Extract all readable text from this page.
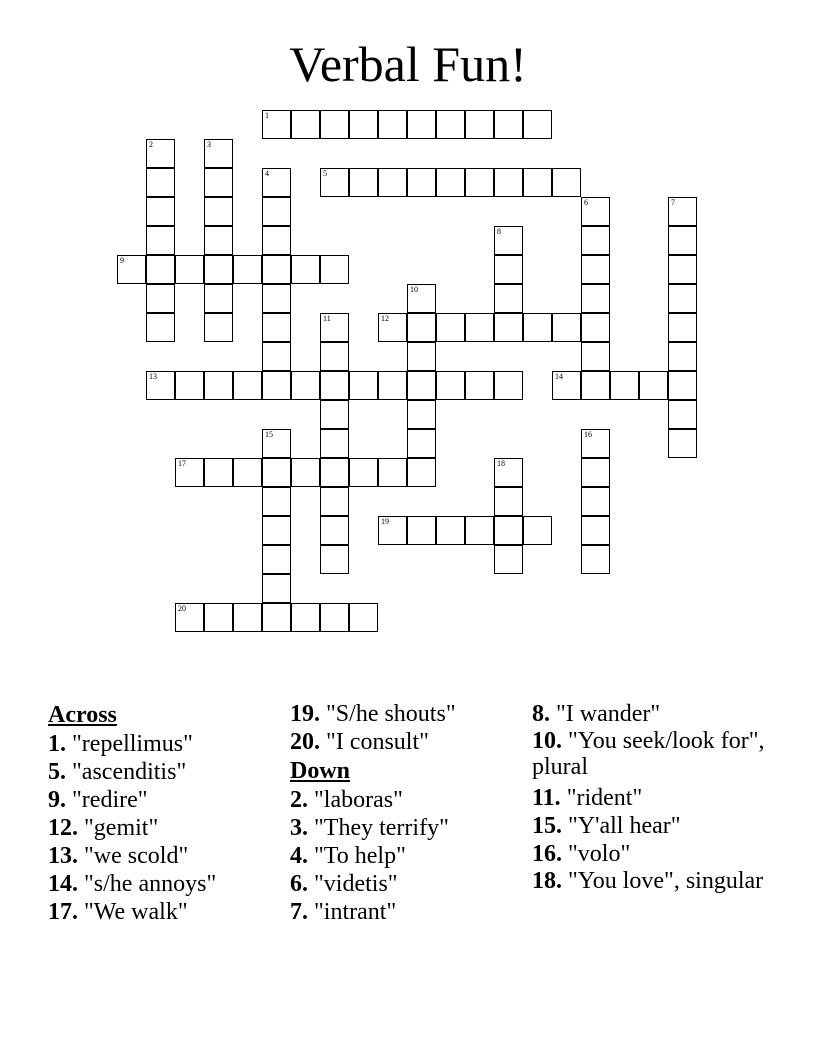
Verbal Fun!
1
2	3
4	5
6	7
8
9
10
11	12
13	14
15	16
17	18
19
20
Across
1. "repellimus"
5. "ascenditis"
9. "redire"
12. "gemit"
13. "we scold"
14. "s/he annoys"
17. "We walk"
19. "S/he shouts"
20. "I consult"
Down
2. "laboras"
3. "They terrify"
4. "To help"
6. "videtis"
7. "intrant"
8. "I wander"
10. "You seek/look for", plural
11. "rident"
15. "Y'all hear"
16. "volo"
18. "You love", singular
